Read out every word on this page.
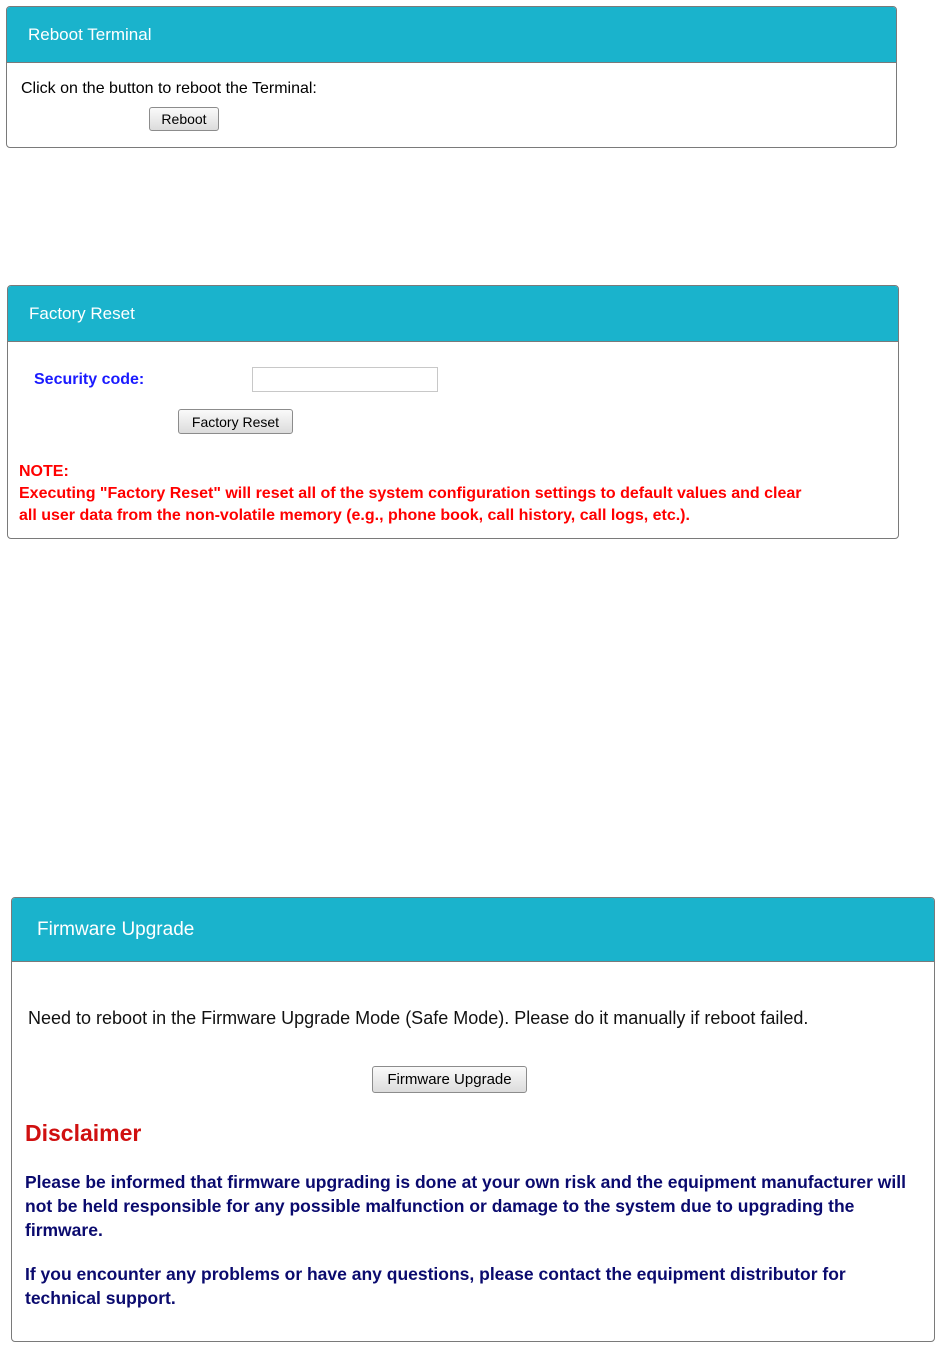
Reboot Terminal
Click on the button to reboot the Terminal:
Reboot
Factory Reset
Security code:
Factory Reset
NOTE:
Executing "Factory Reset" will reset all of the system configuration settings to default values and clear
all user data from the non-volatile memory (e.g., phone book, call history, call logs, etc.).
Firmware Upgrade
Need to reboot in the Firmware Upgrade Mode (Safe Mode). Please do it manually if reboot failed.
Firmware Upgrade
Disclaimer
Please be informed that firmware upgrading is done at your own risk and the equipment manufacturer will not be held responsible for any possible malfunction or damage to the system due to upgrading the firmware.
If you encounter any problems or have any questions, please contact the equipment distributor for technical support.
